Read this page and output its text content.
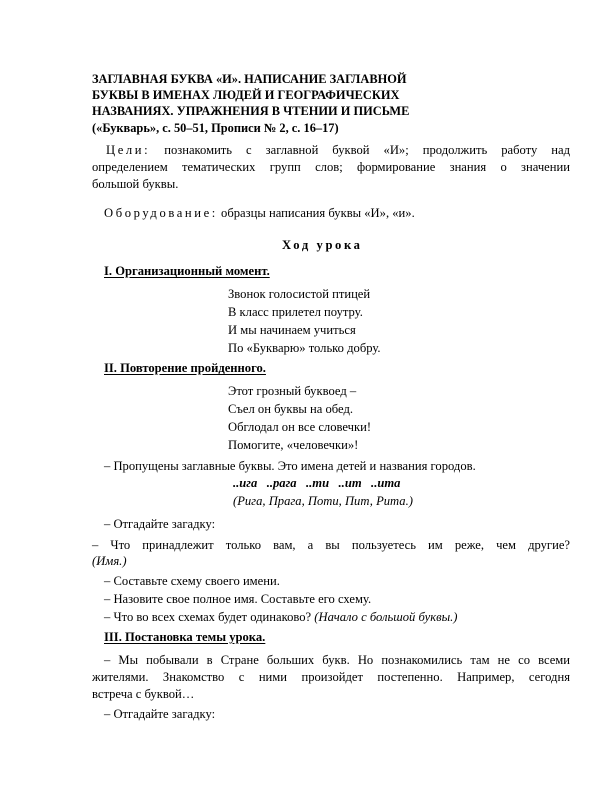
ЗАГЛАВНАЯ БУКВА «И». НАПИСАНИЕ ЗАГЛАВНОЙ
БУКВЫ В ИМЕНАХ ЛЮДЕЙ И ГЕОГРАФИЧЕСКИХ
НАЗВАНИЯХ. УПРАЖНЕНИЯ В ЧТЕНИИ И ПИСЬМЕ
(«Букварь», с. 50–51, Прописи № 2, с. 16–17)
Цели: познакомить с заглавной буквой «И»; продолжить работу над
определением тематических групп слов; формирование знания о значении
большой буквы.
Оборудование: образцы написания буквы «И», «и».
Ход урока
I. Организационный момент.
Звонок голосистой птицей
В класс прилетел поутру.
И мы начинаем учиться
По «Букварю» только добру.
II. Повторение пройденного.
Этот грозный буквоед –
Съел он буквы на обед.
Обглодал он все словечки!
Помогите, «человечки»!
– Пропущены заглавные буквы. Это имена детей и названия городов.
..ига   ..рага   ..ти   ..ит   ..ита
(Рига, Прага, Поти, Пит, Рита.)
– Отгадайте загадку:
– Что принадлежит только вам, а вы пользуетесь им реже, чем другие?
(Имя.)
– Составьте схему своего имени.
– Назовите свое полное имя. Составьте его схему.
– Что во всех схемах будет одинаково? (Начало с большой буквы.)
III. Постановка темы урока.
– Мы побывали в Стране больших букв. Но познакомились там не со всеми
жителями. Знакомство с ними произойдет постепенно. Например, сегодня
встреча с буквой…
– Отгадайте загадку:
